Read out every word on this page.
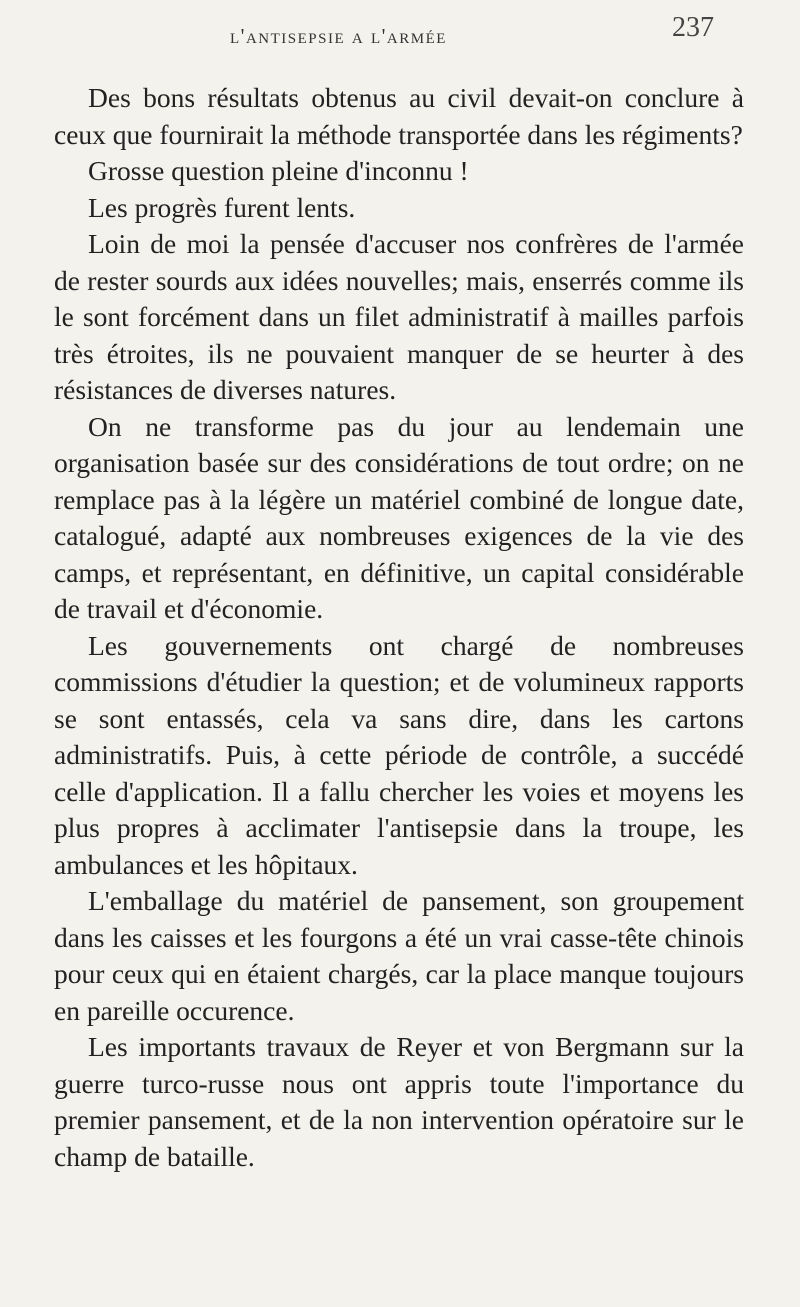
l'antisepsie a l'armée	237

Des bons résultats obtenus au civil devait-on conclure à ceux que fournirait la méthode transportée dans les régiments?

Grosse question pleine d'inconnu !

Les progrès furent lents.

Loin de moi la pensée d'accuser nos confrères de l'armée de rester sourds aux idées nouvelles; mais, enserrés comme ils le sont forcément dans un filet administratif à mailles parfois très étroites, ils ne pouvaient manquer de se heurter à des résistances de diverses natures.

On ne transforme pas du jour au lendemain une organisation basée sur des considérations de tout ordre; on ne remplace pas à la légère un matériel combiné de longue date, catalogué, adapté aux nombreuses exigences de la vie des camps, et représentant, en définitive, un capital considérable de travail et d'économie.

Les gouvernements ont chargé de nombreuses commissions d'étudier la question; et de volumineux rapports se sont entassés, cela va sans dire, dans les cartons administratifs. Puis, à cette période de contrôle, a succédé celle d'application. Il a fallu chercher les voies et moyens les plus propres à acclimater l'antisepsie dans la troupe, les ambulances et les hôpitaux.

L'emballage du matériel de pansement, son groupement dans les caisses et les fourgons a été un vrai casse-tête chinois pour ceux qui en étaient chargés, car la place manque toujours en pareille occurence.

Les importants travaux de Reyer et von Bergmann sur la guerre turco-russe nous ont appris toute l'importance du premier pansement, et de la non intervention opératoire sur le champ de bataille.
